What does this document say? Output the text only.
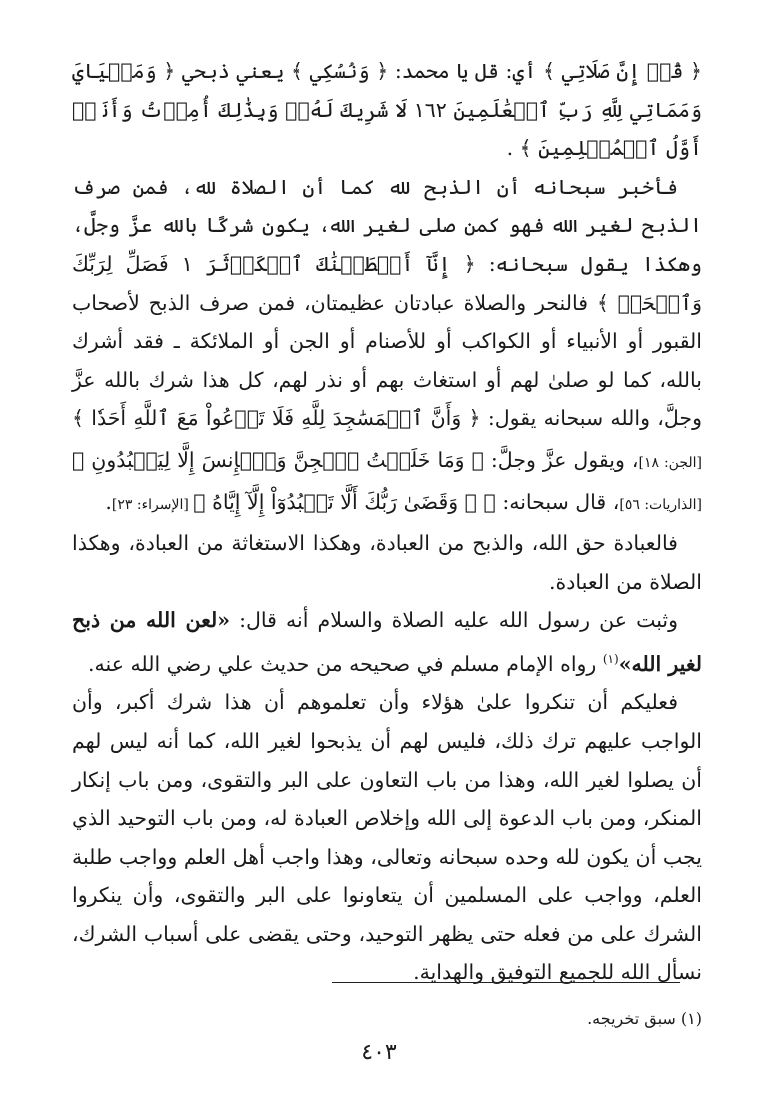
﴿ قُلۡ إِنَّ صَلَاتِي ﴾ أي: قل يا محمد: ﴿ وَنُسُكِي ﴾ يعني ذبحي ﴿ وَمَحۡيَايَ وَمَمَاتِي لِلَّهِ رَبِّ ٱلۡعَٰلَمِينَ ١٦٢ لَا شَرِيكَ لَهُۥۖ وَبِذَٰلِكَ أُمِرۡتُ وَأَنَا۠ أَوَّلُ ٱلۡمُسۡلِمِينَ ﴾ .

فأخبر سبحانه أن الذبح لله كما أن الصلاة لله، فمن صرف الذبح لغير الله فهو كمن صلى لغير الله، يكون شركًا بالله عزَّ وجلَّ، وهكذا يقول سبحانه: ﴿ إِنَّآ أَعۡطَيۡنَٰكَ ٱلۡكَوۡثَرَ ١ فَصَلِّ لِرَبِّكَ وَٱنۡحَرۡ ﴾ فالنحر والصلاة عبادتان عظيمتان، فمن صرف الذبح لأصحاب القبور أو الأنبياء أو الكواكب أو للأصنام أو الجن أو الملائكة ـ فقد أشرك بالله، كما لو صلىٰ لهم أو استغاث بهم أو نذر لهم، كل هذا شرك بالله عزَّ وجلَّ، والله سبحانه يقول: ﴿ وَأَنَّ ٱلۡمَسَٰجِدَ لِلَّهِ فَلَا تَدۡعُواْ مَعَ ٱللَّهِ أَحَدٗا ﴾ [الجن: ١٨]، ويقول عزَّ وجلَّ: ﴿ وَمَا خَلَقۡتُ ٱلۡجِنَّ وَٱلۡإِنسَ إِلَّا لِيَعۡبُدُونِ ﴾ [الذاريات: ٥٦]، قال سبحانه: ﴿ ۞ وَقَضَىٰ رَبُّكَ أَلَّا تَعۡبُدُوٓاْ إِلَّآ إِيَّاهُ ﴾ [الإسراء: ٢٣].

فالعبادة حق الله، والذبح من العبادة، وهكذا الاستغاثة من العبادة، وهكذا الصلاة من العبادة.

وثبت عن رسول الله عليه الصلاة والسلام أنه قال: «لعن الله من ذبح لغير الله»$^{(١)}$ رواه الإمام مسلم في صحيحه من حديث علي رضي الله عنه.

فعليكم أن تنكروا علىٰ هؤلاء وأن تعلموهم أن هذا شرك أكبر، وأن الواجب عليهم ترك ذلك، فليس لهم أن يذبحوا لغير الله، كما أنه ليس لهم أن يصلوا لغير الله، وهذا من باب التعاون على البر والتقوى، ومن باب إنكار المنكر، ومن باب الدعوة إلى الله وإخلاص العبادة له، ومن باب التوحيد الذي يجب أن يكون لله وحده سبحانه وتعالى، وهذا واجب أهل العلم وواجب طلبة العلم، وواجب على المسلمين أن يتعاونوا على البر والتقوى، وأن ينكروا الشرك على من فعله حتى يظهر التوحيد، وحتى يقضى على أسباب الشرك، نسأل الله للجميع التوفيق والهداية.

(١) سبق تخريجه.
٤٠٣
